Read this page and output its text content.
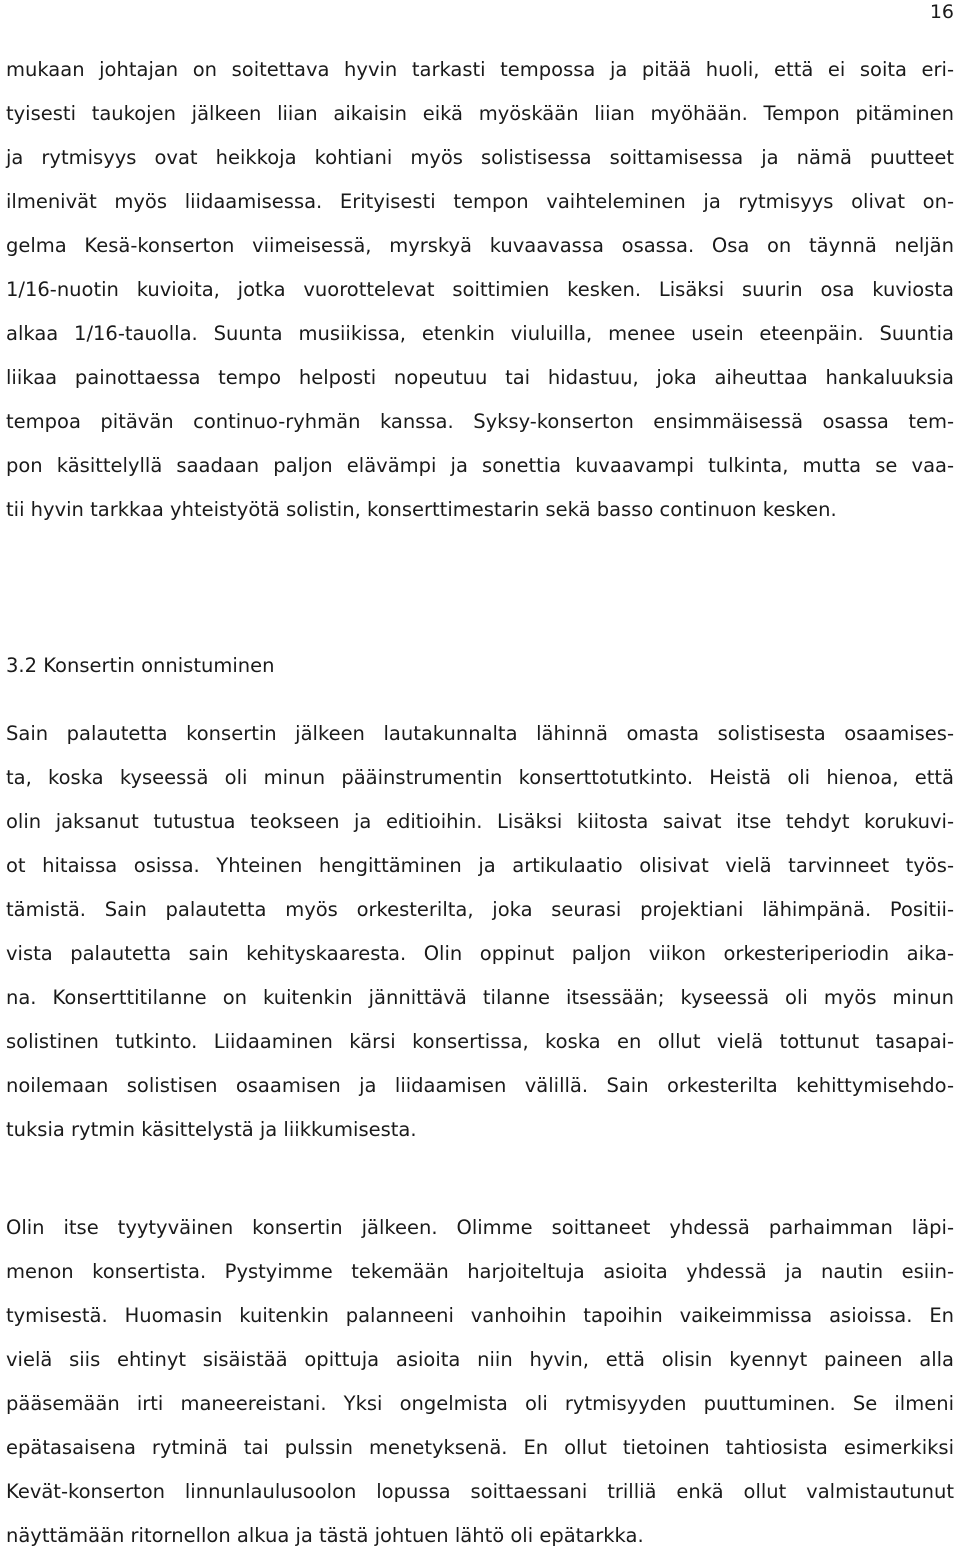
16
mukaan johtajan on soitettava hyvin tarkasti tempossa ja pitää huoli, että ei soita eri-
tyisesti taukojen jälkeen liian aikaisin eikä myöskään liian myöhään. Tempon pitäminen
ja rytmisyys ovat heikkoja kohtiani myös solistisessa soittamisessa ja nämä puutteet
ilmenivät myös liidaamisessa. Erityisesti tempon vaihteleminen ja rytmisyys olivat on-
gelma Kesä-konserton viimeisessä, myrskyä kuvaavassa osassa. Osa on täynnä neljän
1/16-nuotin kuvioita, jotka vuorottelevat soittimien kesken. Lisäksi suurin osa kuviosta
alkaa 1/16-tauolla. Suunta musiikissa, etenkin viuluilla, menee usein eteenpäin. Suuntia
liikaa painottaessa tempo helposti nopeutuu tai hidastuu, joka aiheuttaa hankaluuksia
tempoa pitävän continuo-ryhmän kanssa. Syksy-konserton ensimmäisessä osassa tem-
pon käsittelyllä saadaan paljon elävämpi ja sonettia kuvaavampi tulkinta, mutta se vaa-
tii hyvin tarkkaa yhteistyötä solistin, konserttimestarin sekä basso continuon kesken.
3.2 Konsertin onnistuminen
Sain palautetta konsertin jälkeen lautakunnalta lähinnä omasta solistisesta osaamises-
ta, koska kyseessä oli minun pääinstrumentin konserttotutkinto. Heistä oli hienoa, että
olin jaksanut tutustua teokseen ja editioihin. Lisäksi kiitosta saivat itse tehdyt korukuvi-
ot hitaissa osissa. Yhteinen hengittäminen ja artikulaatio olisivat vielä tarvinneet työs-
tämistä. Sain palautetta myös orkesterilta, joka seurasi projektiani lähimpänä. Positii-
vista palautetta sain kehityskaaresta. Olin oppinut paljon viikon orkesteriperiodin aika-
na. Konserttitilanne on kuitenkin jännittävä tilanne itsessään; kyseessä oli myös minun
solistinen tutkinto. Liidaaminen kärsi konsertissa, koska en ollut vielä tottunut tasapai-
noilemaan solistisen osaamisen ja liidaamisen välillä. Sain orkesterilta kehittymisehdo-
tuksia rytmin käsittelystä ja liikkumisesta.
Olin itse tyytyväinen konsertin jälkeen. Olimme soittaneet yhdessä parhaimman läpi-
menon konsertista. Pystyimme tekemään harjoiteltuja asioita yhdessä ja nautin esiin-
tymisestä. Huomasin kuitenkin palanneeni vanhoihin tapoihin vaikeimmissa asioissa. En
vielä siis ehtinyt sisäistää opittuja asioita niin hyvin, että olisin kyennyt paineen alla
pääsemään irti maneereistani. Yksi ongelmista oli rytmisyyden puuttuminen. Se ilmeni
epätasaisena rytminä tai pulssin menetyksenä. En ollut tietoinen tahtiosista esimerkiksi
Kevät-konserton linnunlaulusoolon lopussa soittaessani trilliä enkä ollut valmistautunut
näyttämään ritornellon alkua ja tästä johtuen lähtö oli epätarkka.
